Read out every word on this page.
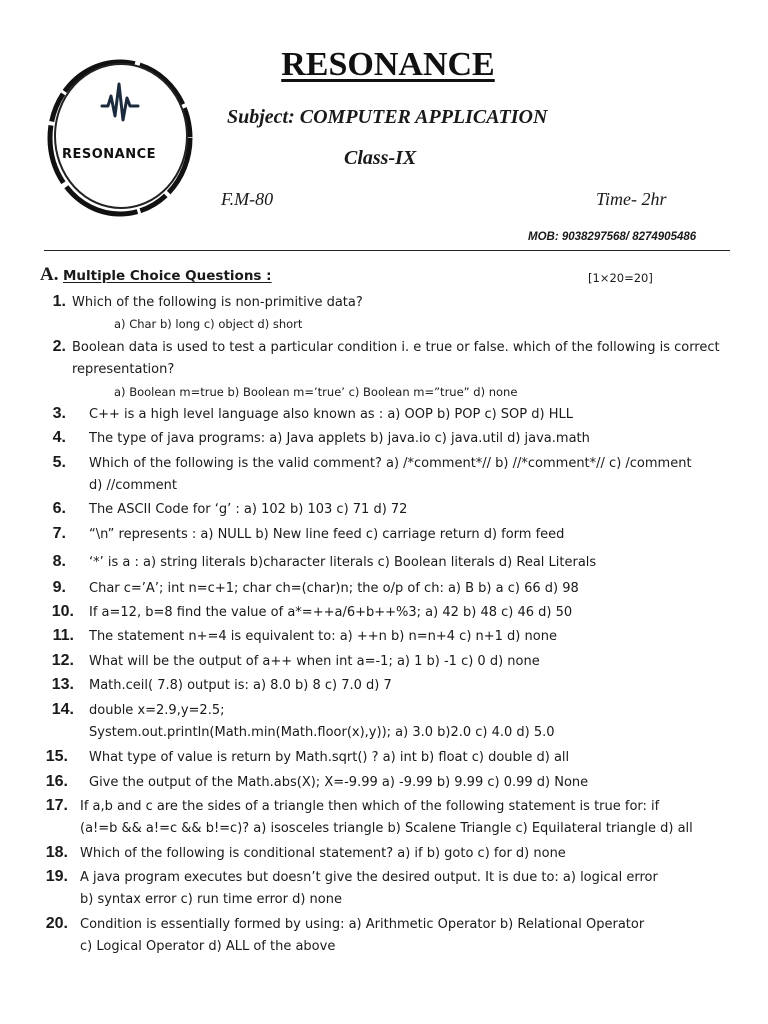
RESONANCE
RESONANCE
Subject: COMPUTER APPLICATION
Class-IX
F.M-80	Time- 2hr
MOB: 9038297568/ 8274905486
A. Multiple Choice Questions :	[1×20=20]
1. Which of the following is non-primitive data?
a) Char b) long c) object d) short
2. Boolean data is used to test a particular condition i. e true or false. which of the following is correct
representation?
a) Boolean m=true b) Boolean m=’true’ c) Boolean m=”true” d) none
3. C++ is a high level language also known as : a) OOP b) POP c) SOP d) HLL
4. The type of java programs: a) Java applets b) java.io c) java.util d) java.math
5. Which of the following is the valid comment? a) /*comment*// b) //*comment*// c) /comment
d) //comment
6. The ASCII Code for ‘g’ : a) 102 b) 103 c) 71 d) 72
7. “\n” represents : a) NULL b) New line feed c) carriage return d) form feed
8. ‘*’ is a : a) string literals b)character literals c) Boolean literals d) Real Literals
9. Char c=’A’; int n=c+1; char ch=(char)n; the o/p of ch: a) B b) a c) 66 d) 98
10. If a=12, b=8 find the value of a*=++a/6+b++%3; a) 42 b) 48 c) 46 d) 50
11. The statement n+=4 is equivalent to: a) ++n b) n=n+4 c) n+1 d) none
12. What will be the output of a++ when int a=-1; a) 1 b) -1 c) 0 d) none
13. Math.ceil( 7.8) output is: a) 8.0 b) 8 c) 7.0 d) 7
14. double x=2.9,y=2.5;
System.out.println(Math.min(Math.floor(x),y)); a) 3.0 b)2.0 c) 4.0 d) 5.0
15. What type of value is return by Math.sqrt() ? a) int b) float c) double d) all
16. Give the output of the Math.abs(X); X=-9.99 a) -9.99 b) 9.99 c) 0.99 d) None
17. If a,b and c are the sides of a triangle then which of the following statement is true for: if
(a!=b && a!=c && b!=c)? a) isosceles triangle b) Scalene Triangle c) Equilateral triangle d) all
18. Which of the following is conditional statement? a) if b) goto c) for d) none
19. A java program executes but doesn’t give the desired output. It is due to: a) logical error
b) syntax error c) run time error d) none
20. Condition is essentially formed by using: a) Arithmetic Operator b) Relational Operator
c) Logical Operator d) ALL of the above
